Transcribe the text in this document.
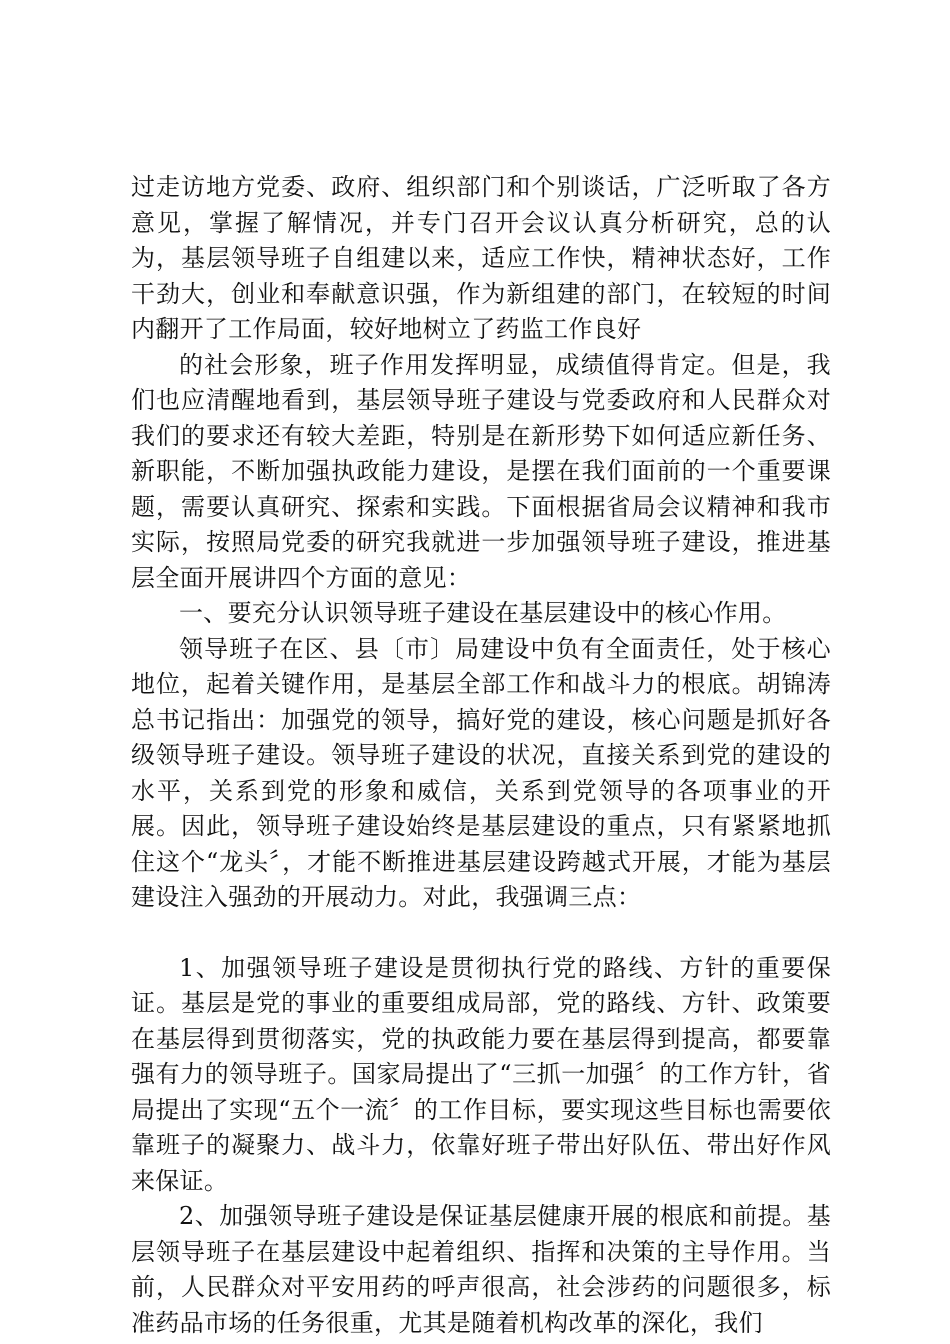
过走访地方党委、政府、组织部门和个别谈话，广泛听取了各方意见，掌握了解情况，并专门召开会议认真分析研究，总的认为，基层领导班子自组建以来，适应工作快，精神状态好，工作干劲大，创业和奉献意识强，作为新组建的部门，在较短的时间内翻开了工作局面，较好地树立了药监工作良好

的社会形象，班子作用发挥明显，成绩值得肯定。但是，我们也应清醒地看到，基层领导班子建设与党委政府和人民群众对我们的要求还有较大差距，特别是在新形势下如何适应新任务、新职能，不断加强执政能力建设，是摆在我们面前的一个重要课题，需要认真研究、探索和实践。下面根据省局会议精神和我市实际，按照局党委的研究我就进一步加强领导班子建设，推进基层全面开展讲四个方面的意见：

一、要充分认识领导班子建设在基层建设中的核心作用。

领导班子在区、县〔市〕局建设中负有全面责任，处于核心地位，起着关键作用，是基层全部工作和战斗力的根底。胡锦涛总书记指出：加强党的领导，搞好党的建设，核心问题是抓好各级领导班子建设。领导班子建设的状况，直接关系到党的建设的水平，关系到党的形象和威信，关系到党领导的各项事业的开展。因此，领导班子建设始终是基层建设的重点，只有紧紧地抓住这个“龙头〞，才能不断推进基层建设跨越式开展，才能为基层建设注入强劲的开展动力。对此，我强调三点：

1、加强领导班子建设是贯彻执行党的路线、方针的重要保证。基层是党的事业的重要组成局部，党的路线、方针、政策要在基层得到贯彻落实，党的执政能力要在基层得到提高，都要靠强有力的领导班子。国家局提出了“三抓一加强〞的工作方针，省局提出了实现“五个一流〞的工作目标，要实现这些目标也需要依靠班子的凝聚力、战斗力，依靠好班子带出好队伍、带出好作风来保证。

2、加强领导班子建设是保证基层健康开展的根底和前提。基层领导班子在基层建设中起着组织、指挥和决策的主导作用。当前，人民群众对平安用药的呼声很高，社会涉药的问题很多，标准药品市场的任务很重，尤其是随着机构改革的深化，我们
